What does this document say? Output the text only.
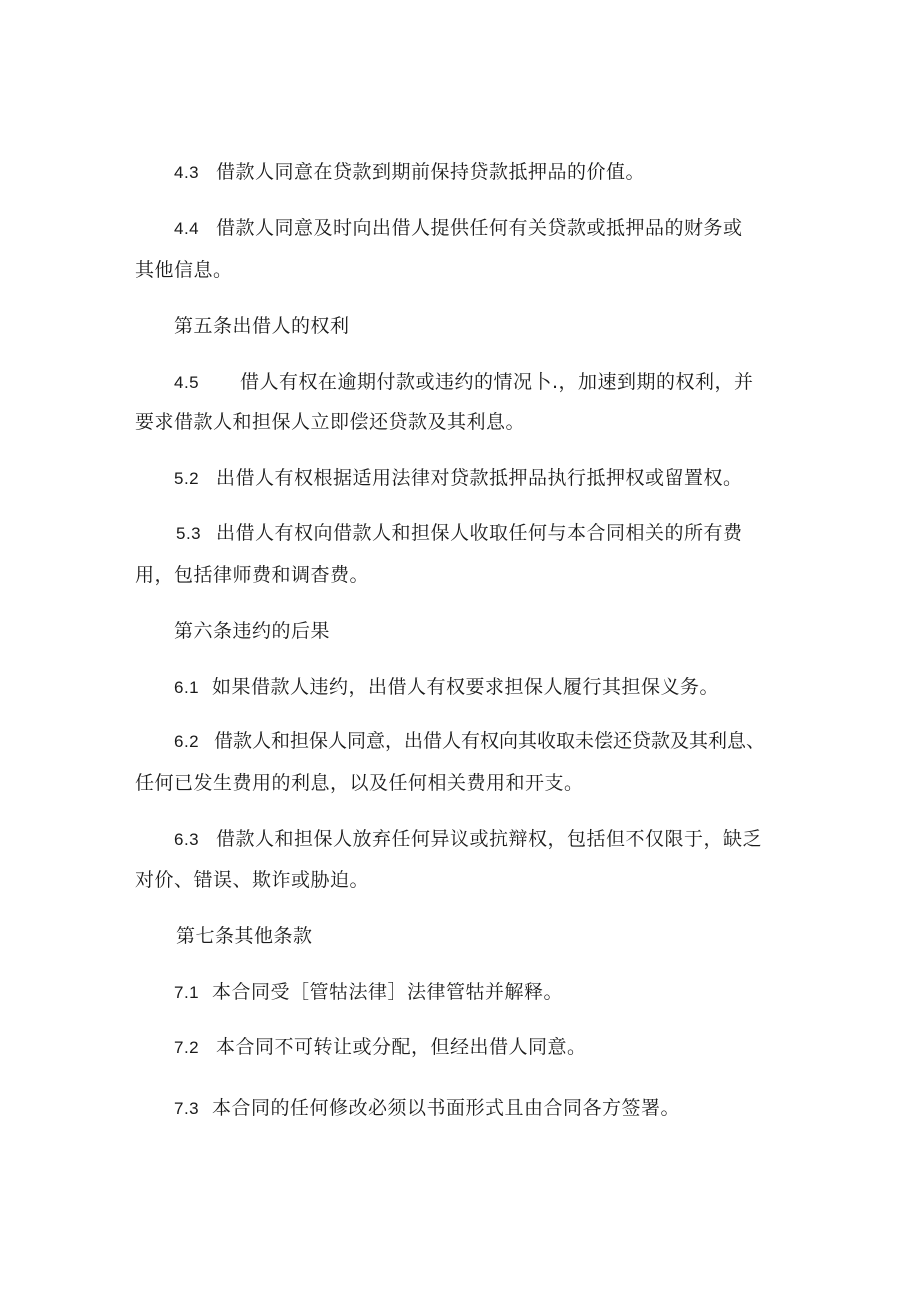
4.3 借款人同意在贷款到期前保持贷款抵押品的价值。
4.4 借款人同意及时向出借人提供任何有关贷款或抵押品的财务或
其他信息。
第五条出借人的权利
4.5 借人有权在逾期付款或违约的情况卜.，加速到期的权利，并
要求借款人和担保人立即偿还贷款及其利息。
5.2 出借人有权根据适用法律对贷款抵押品执行抵押权或留置权。
5.3 出借人有权向借款人和担保人收取任何与本合同相关的所有费
用，包括律师费和调杳费。
第六条违约的后果
6.1 如果借款人违约，出借人有权要求担保人履行其担保义务。
6.2 借款人和担保人同意，出借人有权向其收取未偿还贷款及其利息、
任何已发生费用的利息，以及任何相关费用和开支。
6.3 借款人和担保人放弃任何异议或抗辩权，包括但不仅限于，缺乏
对价、错误、欺诈或胁迫。
第七条其他条款
7.1 本合同受［管牯法律］法律管牯并解释。
7.2 本合同不可转让或分配，但经出借人同意。
7.3 本合同的任何修改必须以书面形式且由合同各方签署。
